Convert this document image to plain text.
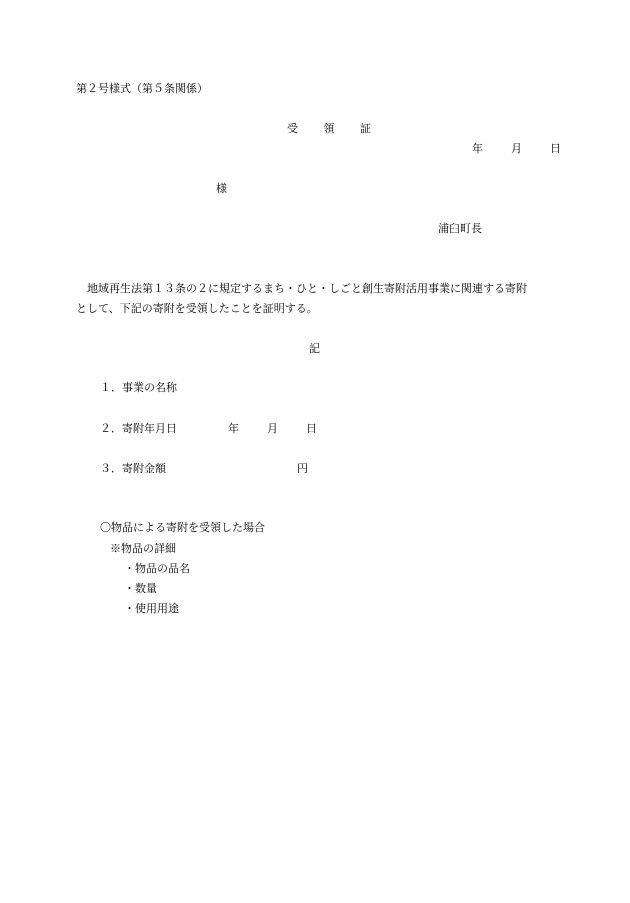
第２号様式（第５条関係）
受 領 証
年	月	日
様
浦臼町長
地域再生法第１３条の２に規定するまち・ひと・しごと創生寄附活用事業に関連する寄附
として、下記の寄附を受領したことを証明する。
記
１．事業の名称
２．寄附年月日	年	月	日
３．寄附金額	円
〇物品による寄附を受領した場合
※物品の詳細
・物品の品名
・数量
・使用用途
